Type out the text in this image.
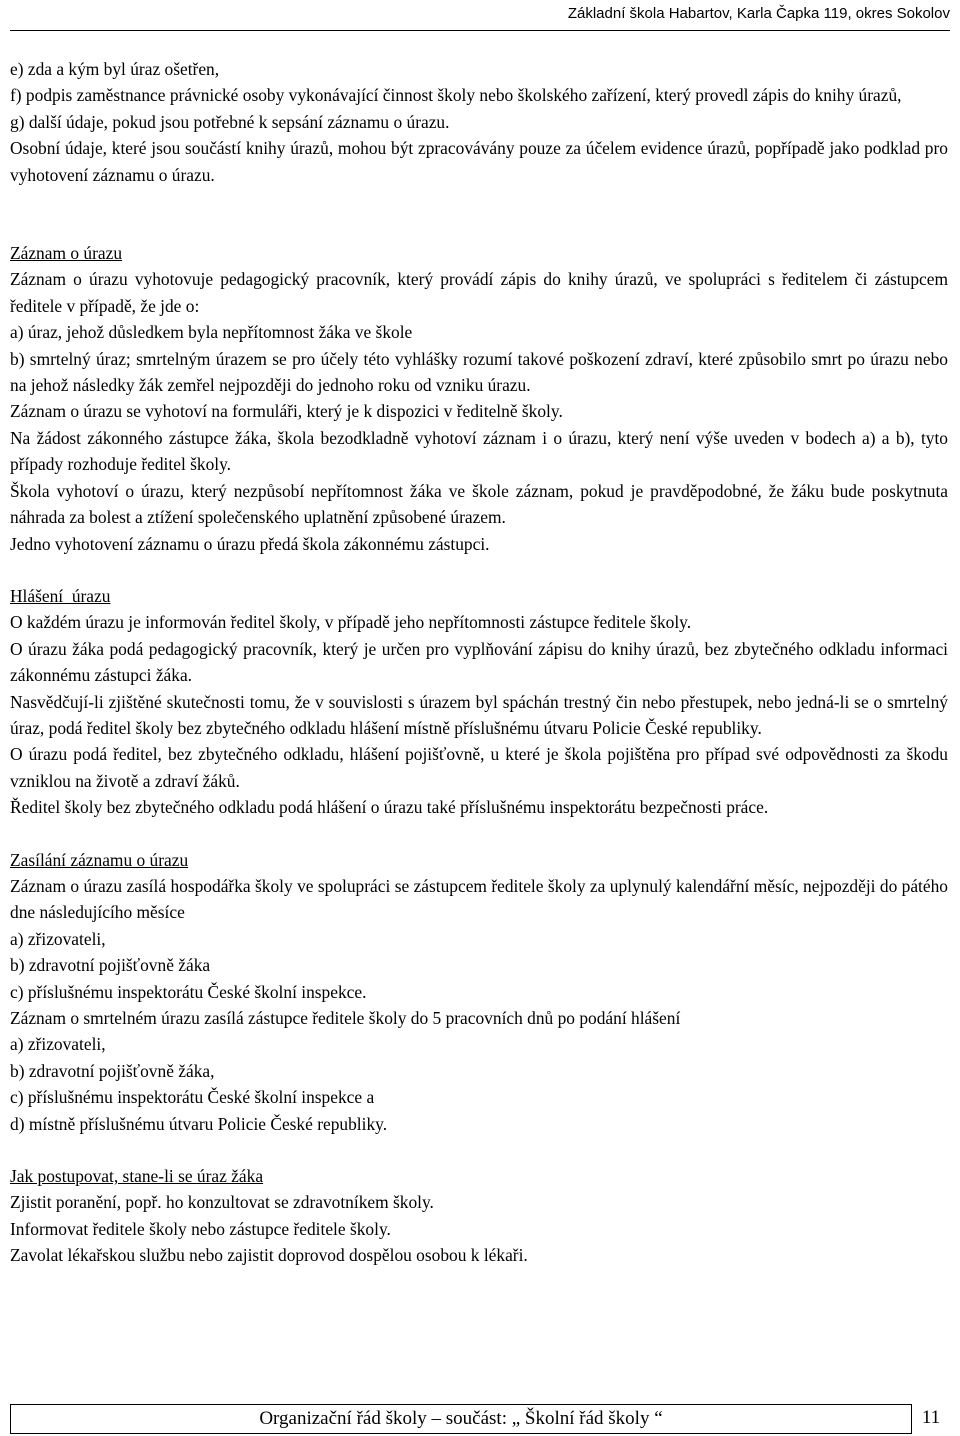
Základní škola Habartov, Karla Čapka 119, okres Sokolov

e) zda a kým byl úraz ošetřen,

f) podpis zaměstnance právnické osoby vykonávající činnost školy nebo školského zařízení, který provedl zápis do knihy úrazů,

g) další údaje, pokud jsou potřebné k sepsání záznamu o úrazu.

Osobní údaje, které jsou součástí knihy úrazů, mohou být zpracovávány pouze za účelem evidence úrazů, popřípadě jako podklad pro vyhotovení záznamu o úrazu.

Záznam o úrazu

Záznam o úrazu vyhotovuje pedagogický pracovník, který provádí zápis do knihy úrazů, ve spolupráci s ředitelem či zástupcem ředitele v případě, že jde o:

a) úraz, jehož důsledkem byla nepřítomnost žáka ve škole

b) smrtelný úraz; smrtelným úrazem se pro účely této vyhlášky rozumí takové poškození zdraví, které způsobilo smrt po úrazu nebo na jehož následky žák zemřel nejpozději do jednoho roku od vzniku úrazu.

Záznam o úrazu se vyhotoví na formuláři, který je k dispozici v ředitelně školy.

Na žádost zákonného zástupce žáka, škola bezodkladně vyhotoví záznam i o úrazu, který není výše uveden v bodech a) a b), tyto případy rozhoduje ředitel školy.

Škola vyhotoví o úrazu, který nezpůsobí nepřítomnost žáka ve škole záznam, pokud je pravděpodobné, že žáku bude poskytnuta náhrada za bolest a ztížení společenského uplatnění způsobené úrazem.

Jedno vyhotovení záznamu o úrazu předá škola zákonnému zástupci.

Hlášení  úrazu

O každém úrazu je informován ředitel školy, v případě jeho nepřítomnosti zástupce ředitele školy.

O úrazu žáka podá pedagogický pracovník, který je určen pro vyplňování zápisu do knihy úrazů, bez zbytečného odkladu informaci zákonnému zástupci žáka.

Nasvědčují-li zjištěné skutečnosti tomu, že v souvislosti s úrazem byl spáchán trestný čin nebo přestupek, nebo jedná-li se o smrtelný úraz, podá ředitel školy bez zbytečného odkladu hlášení místně příslušnému útvaru Policie České republiky.

O úrazu podá ředitel, bez zbytečného odkladu, hlášení pojišťovně, u které je škola pojištěna pro případ své odpovědnosti za škodu vzniklou na životě a zdraví žáků.

Ředitel školy bez zbytečného odkladu podá hlášení o úrazu také příslušnému inspektorátu bezpečnosti práce.

Zasílání záznamu o úrazu

Záznam o úrazu zasílá hospodářka školy ve spolupráci se zástupcem ředitele školy za uplynulý kalendářní měsíc, nejpozději do pátého dne následujícího měsíce

a) zřizovateli,

b) zdravotní pojišťovně žáka

c) příslušnému inspektorátu České školní inspekce.

Záznam o smrtelném úrazu zasílá zástupce ředitele školy do 5 pracovních dnů po podání hlášení

a) zřizovateli,

b) zdravotní pojišťovně žáka,

c) příslušnému inspektorátu České školní inspekce a

d) místně příslušnému útvaru Policie České republiky.

Jak postupovat, stane-li se úraz žáka

Zjistit poranění, popř. ho konzultovat se zdravotníkem školy.

Informovat ředitele školy nebo zástupce ředitele školy.

Zavolat lékařskou službu nebo zajistit doprovod dospělou osobou k lékaři.

Organizační řád školy – součást: „ Školní řád školy “	11
